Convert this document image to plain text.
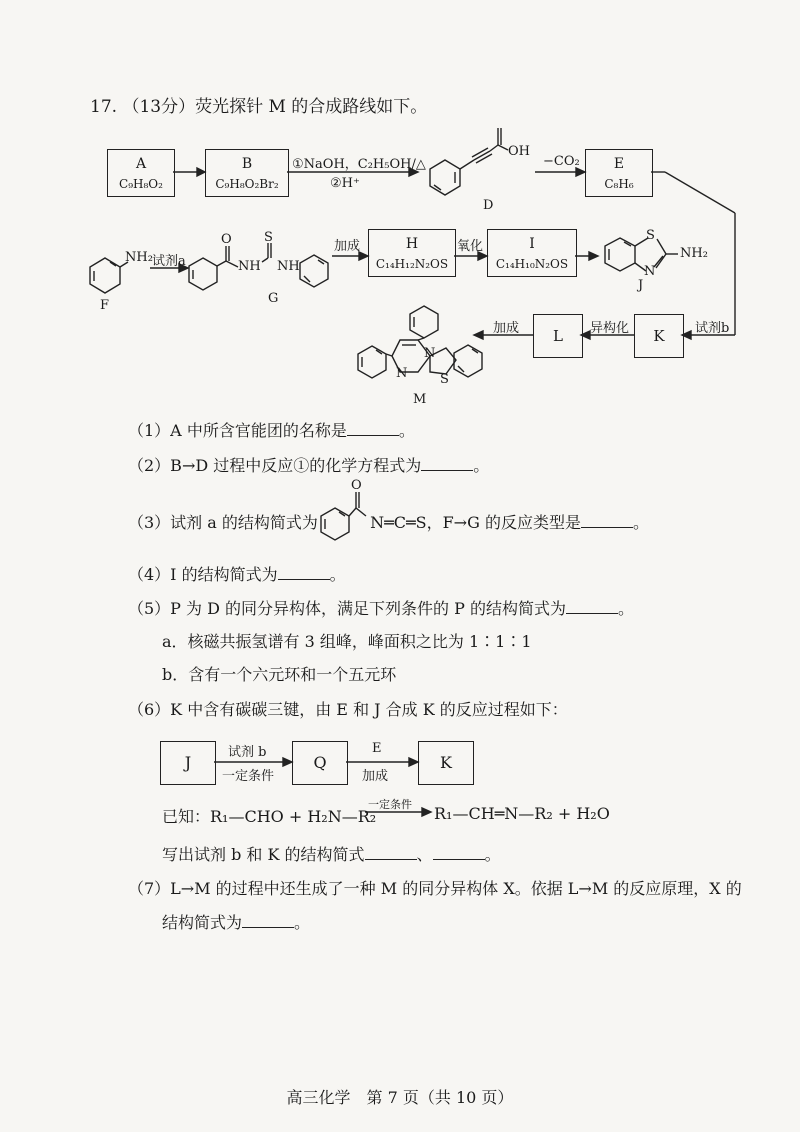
17. （13分）荧光探针 M 的合成路线如下。
A
C₉H₈O₂
B
C₉H₈O₂Br₂
E
C₈H₆
H
C₁₄H₁₂N₂OS
I
C₁₄H₁₀N₂OS
L	K
①NaOH，C₂H₅OH/△
②H⁺
OH
−CO₂
D
NH₂
F
试剂a
O
NH
S
NH
G
加成	氧化
S
N
NH₂
J
试剂b
异构化
加成
N
N
S
M
（1）A 中所含官能团的名称是	。
（2）B→D 过程中反应①的化学方程式为	。
（3）试剂 a 的结构简式为	N═C═S，F→G 的反应类型是	。
O
（4）I 的结构简式为	。
（5）P 为 D 的同分异构体，满足下列条件的 P 的结构简式为	。
a．核磁共振氢谱有 3 组峰，峰面积之比为 1∶1∶1
b．含有一个六元环和一个五元环
（6）K 中含有碳碳三键，由 E 和 J 合成 K 的反应过程如下：
J	Q	K
试剂 b
一定条件
E
加成
已知：R₁—CHO + H₂N—R₂
一定条件 R₁—CH═N—R₂ + H₂O
写出试剂 b 和 K 的结构简式	、	。
（7）L→M 的过程中还生成了一种 M 的同分异构体 X。依据 L→M 的反应原理，X 的
结构简式为	。
高三化学　第 7 页（共 10 页）
